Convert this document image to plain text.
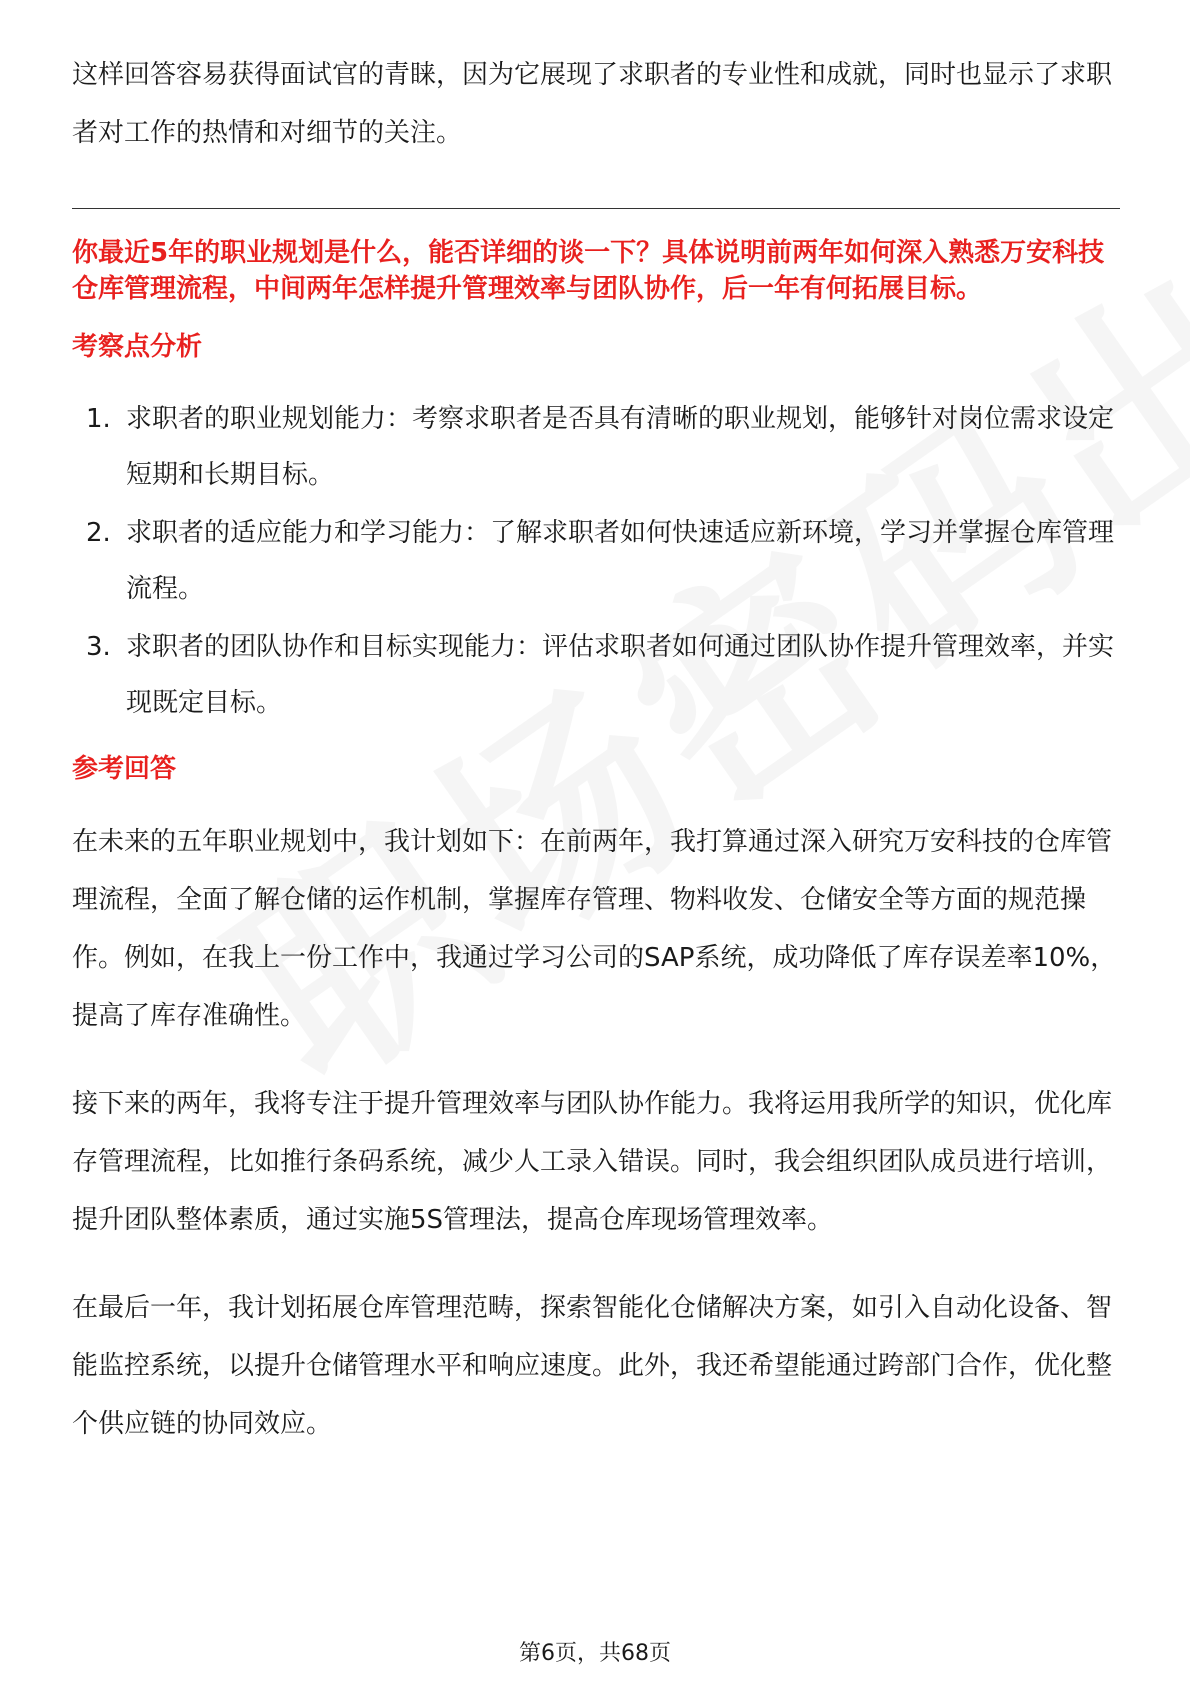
这样回答容易获得面试官的青睐，因为它展现了求职者的专业性和成就，同时也显示了求职者对工作的热情和对细节的关注。

你最近5年的职业规划是什么，能否详细的谈一下？具体说明前两年如何深入熟悉万安科技仓库管理流程，中间两年怎样提升管理效率与团队协作，后一年有何拓展目标。

考察点分析
1. 求职者的职业规划能力：考察求职者是否具有清晰的职业规划，能够针对岗位需求设定短期和长期目标。
2. 求职者的适应能力和学习能力：了解求职者如何快速适应新环境，学习并掌握仓库管理流程。
3. 求职者的团队协作和目标实现能力：评估求职者如何通过团队协作提升管理效率，并实现既定目标。
参考回答

在未来的五年职业规划中，我计划如下：在前两年，我打算通过深入研究万安科技的仓库管理流程，全面了解仓储的运作机制，掌握库存管理、物料收发、仓储安全等方面的规范操作。例如，在我上一份工作中，我通过学习公司的SAP系统，成功降低了库存误差率10%，提高了库存准确性。

接下来的两年，我将专注于提升管理效率与团队协作能力。我将运用我所学的知识，优化库存管理流程，比如推行条码系统，减少人工录入错误。同时，我会组织团队成员进行培训，提升团队整体素质，通过实施5S管理法，提高仓库现场管理效率。

在最后一年，我计划拓展仓库管理范畴，探索智能化仓储解决方案，如引入自动化设备、智能监控系统，以提升仓储管理水平和响应速度。此外，我还希望能通过跨部门合作，优化整个供应链的协同效应。

第6页，共68页
